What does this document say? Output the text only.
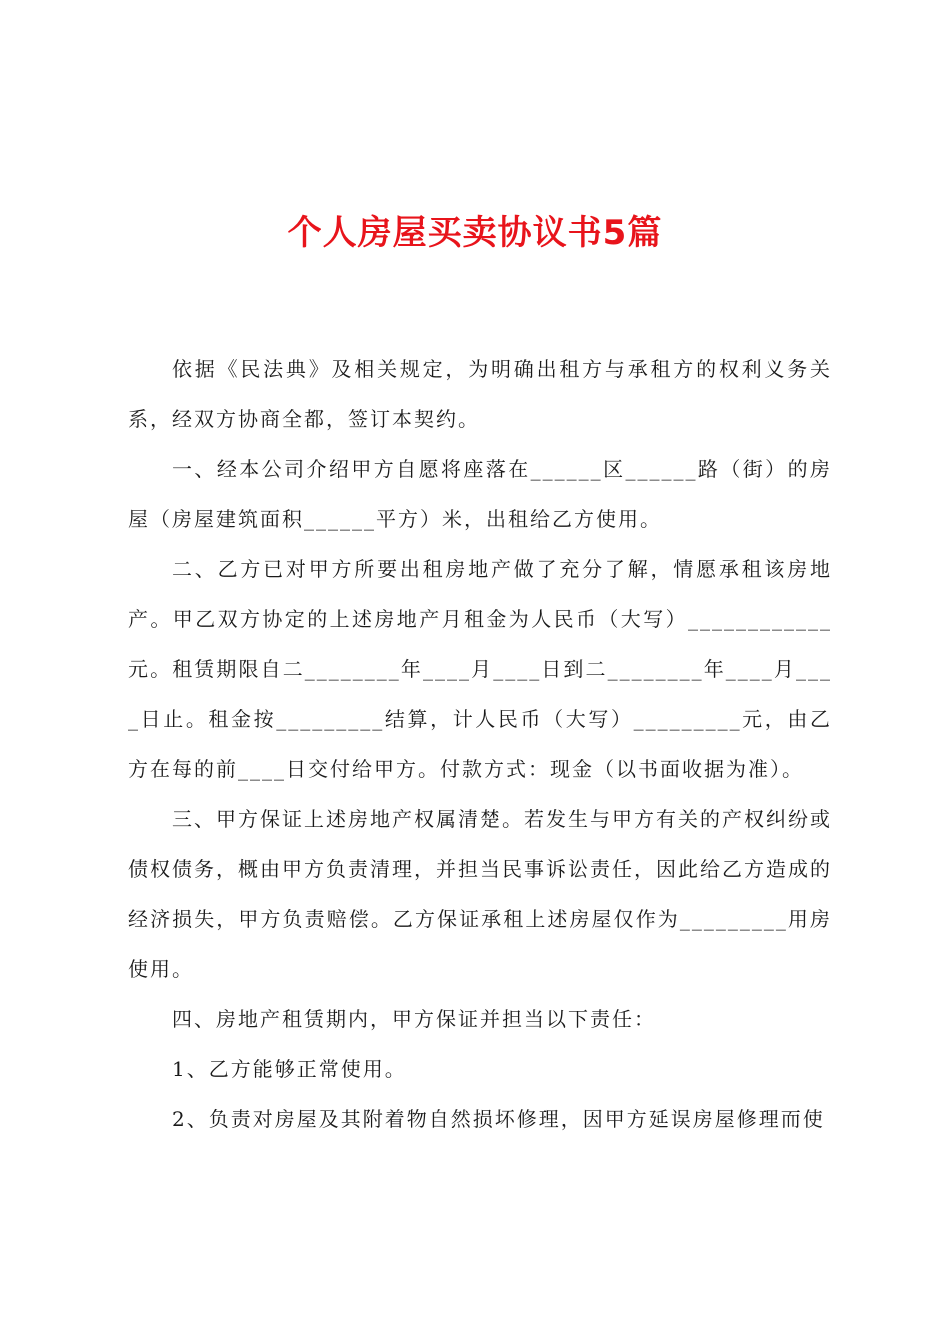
个人房屋买卖协议书5篇

依据《民法典》及相关规定，为明确出租方与承租方的权利义务关系，经双方协商全都，签订本契约。

一、经本公司介绍甲方自愿将座落在______区______路（街）的房屋（房屋建筑面积______平方）米，出租给乙方使用。

二、乙方已对甲方所要出租房地产做了充分了解，情愿承租该房地产。甲乙双方协定的上述房地产月租金为人民币（大写）____________元。租赁期限自二________年____月____日到二________年____月____日止。租金按_________结算，计人民币（大写）_________元，由乙方在每的前____日交付给甲方。付款方式：现金（以书面收据为准）。

三、甲方保证上述房地产权属清楚。若发生与甲方有关的产权纠纷或债权债务，概由甲方负责清理，并担当民事诉讼责任，因此给乙方造成的经济损失，甲方负责赔偿。乙方保证承租上述房屋仅作为_________用房使用。

四、房地产租赁期内，甲方保证并担当以下责任：

1、乙方能够正常使用。

2、负责对房屋及其附着物自然损坏修理，因甲方延误房屋修理而使
